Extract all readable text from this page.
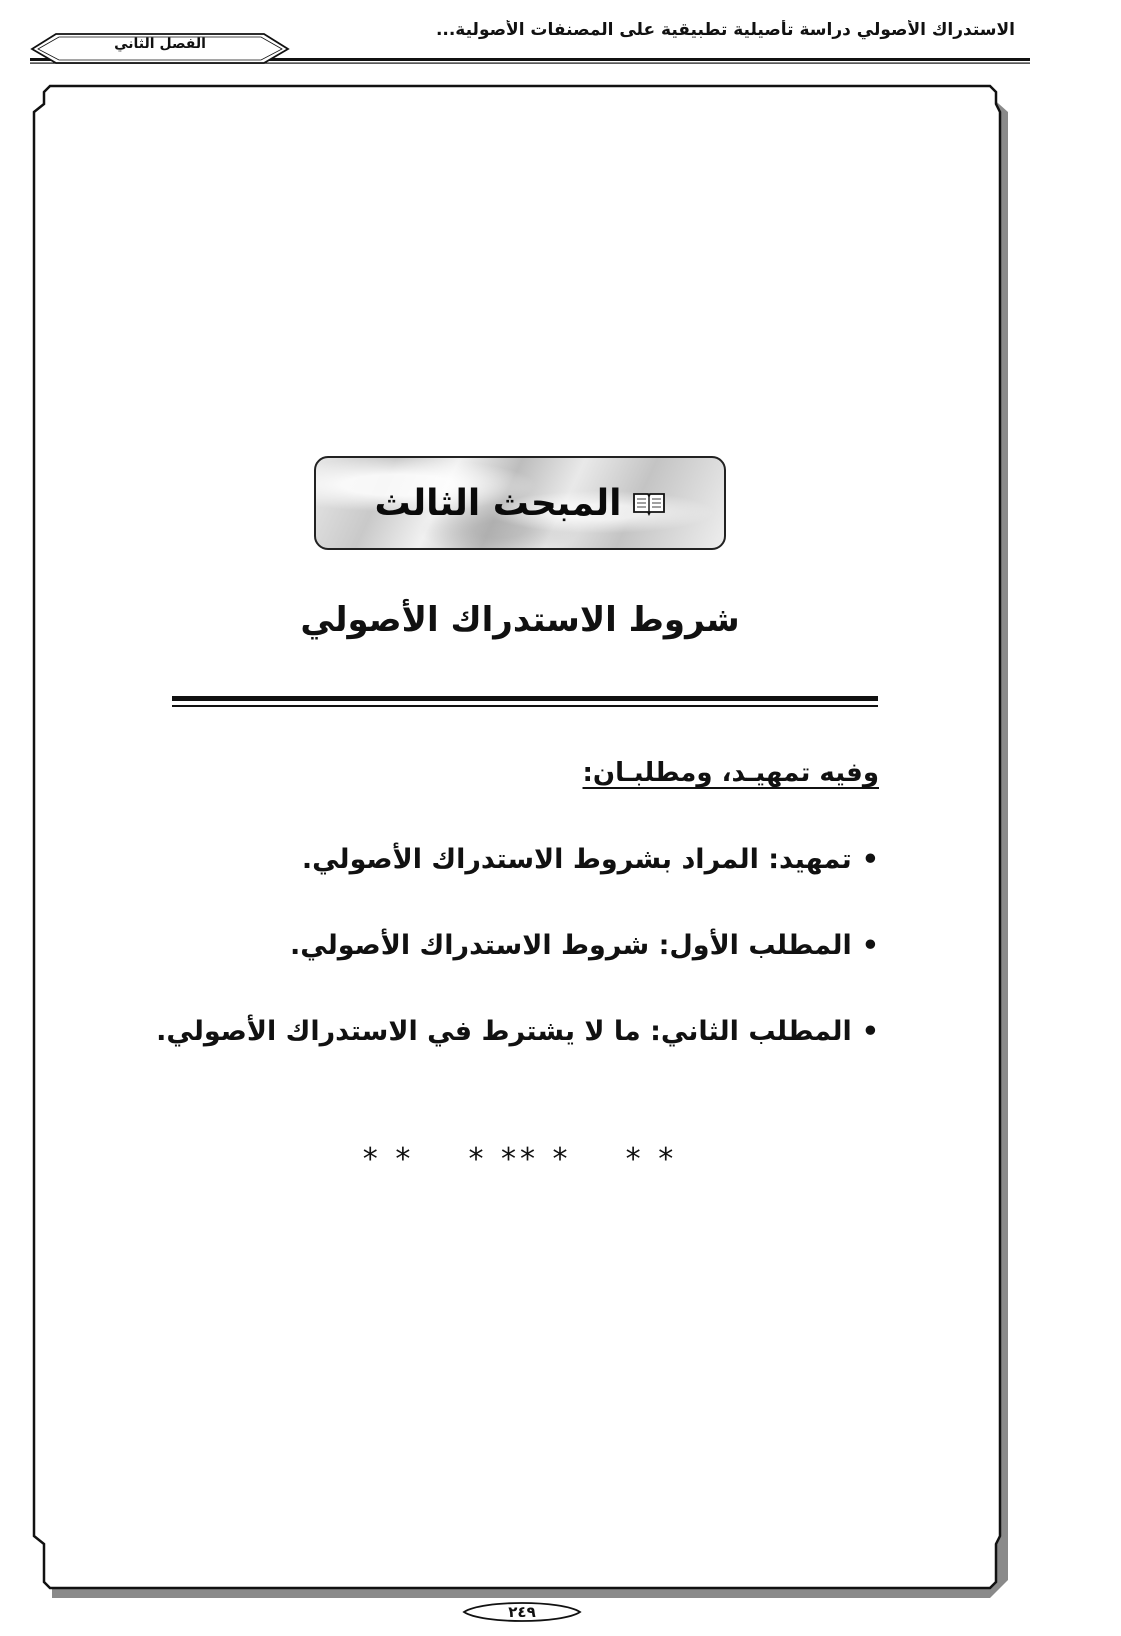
الفصل الثاني
الاستدراك الأصولي دراسة تأصيلية تطبيقية على المصنفات الأصولية...
المبحث الثالث
شروط الاستدراك الأصولي
وفيه تمهيـد، ومطلبـان:
•تمهيد: المراد بشروط الاستدراك الأصولي.
•المطلب الأول: شروط الاستدراك الأصولي.
•المطلب الثاني: ما لا يشترط في الاستدراك الأصولي.
* *    * ** *    * *
٢٤٩
